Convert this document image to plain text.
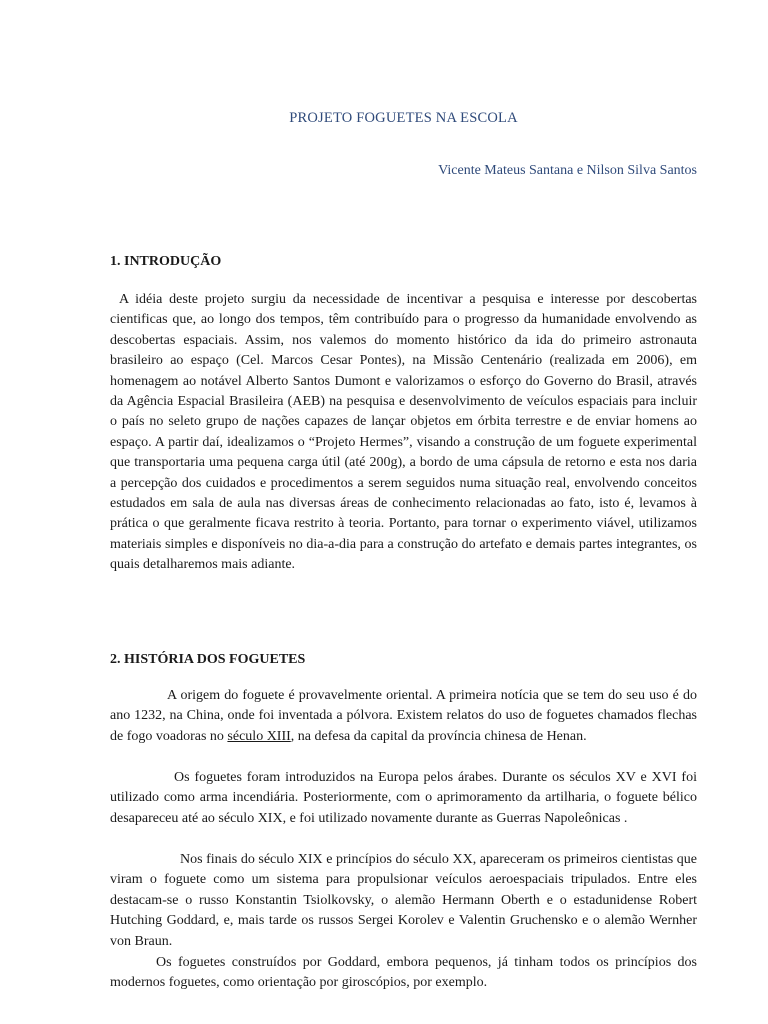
PROJETO FOGUETES NA ESCOLA
Vicente Mateus Santana e Nilson Silva Santos
1. INTRODUÇÃO

A idéia deste projeto surgiu da necessidade de incentivar a pesquisa e interesse por descobertas cientificas que, ao longo dos tempos, têm contribuído para o progresso da humanidade envolvendo as descobertas espaciais. Assim, nos valemos do momento histórico da ida do primeiro astronauta brasileiro ao espaço (Cel. Marcos Cesar Pontes), na Missão Centenário (realizada em 2006), em homenagem ao notável Alberto Santos Dumont e valorizamos o esforço do Governo do Brasil, através da Agência Espacial Brasileira (AEB) na pesquisa e desenvolvimento de veículos espaciais para incluir o país no seleto grupo de nações capazes de lançar objetos em órbita terrestre e de enviar homens ao espaço. A partir daí, idealizamos o “Projeto Hermes”, visando a construção de um foguete experimental que transportaria uma pequena carga útil (até 200g), a bordo de uma cápsula de retorno e esta nos daria a percepção dos cuidados e procedimentos a serem seguidos numa situação real, envolvendo conceitos estudados em sala de aula nas diversas áreas de conhecimento relacionadas ao fato, isto é, levamos à prática o que geralmente ficava restrito à teoria. Portanto, para tornar o experimento viável, utilizamos materiais simples e disponíveis no dia-a-dia para a construção do artefato e demais partes integrantes, os quais detalharemos mais adiante.

2. HISTÓRIA DOS FOGUETES

A origem do foguete é provavelmente oriental. A primeira notícia que se tem do seu uso é do ano 1232, na China, onde foi inventada a pólvora. Existem relatos do uso de foguetes chamados flechas de fogo voadoras no século XIII, na defesa da capital da província chinesa de Henan.

Os foguetes foram introduzidos na Europa pelos árabes. Durante os séculos XV e XVI foi utilizado como arma incendiária. Posteriormente, com o aprimoramento da artilharia, o foguete bélico desapareceu até ao século XIX, e foi utilizado novamente durante as Guerras Napoleônicas .

Nos finais do século XIX e princípios do século XX, apareceram os primeiros cientistas que viram o foguete como um sistema para propulsionar veículos aeroespaciais tripulados. Entre eles destacam-se o russo Konstantin Tsiolkovsky, o alemão Hermann Oberth e o estadunidense Robert Hutching Goddard, e, mais tarde os russos Sergei Korolev e Valentin Gruchensko e o alemão Wernher von Braun.

Os foguetes construídos por Goddard, embora pequenos, já tinham todos os princípios dos modernos foguetes, como orientação por giroscópios, por exemplo.
